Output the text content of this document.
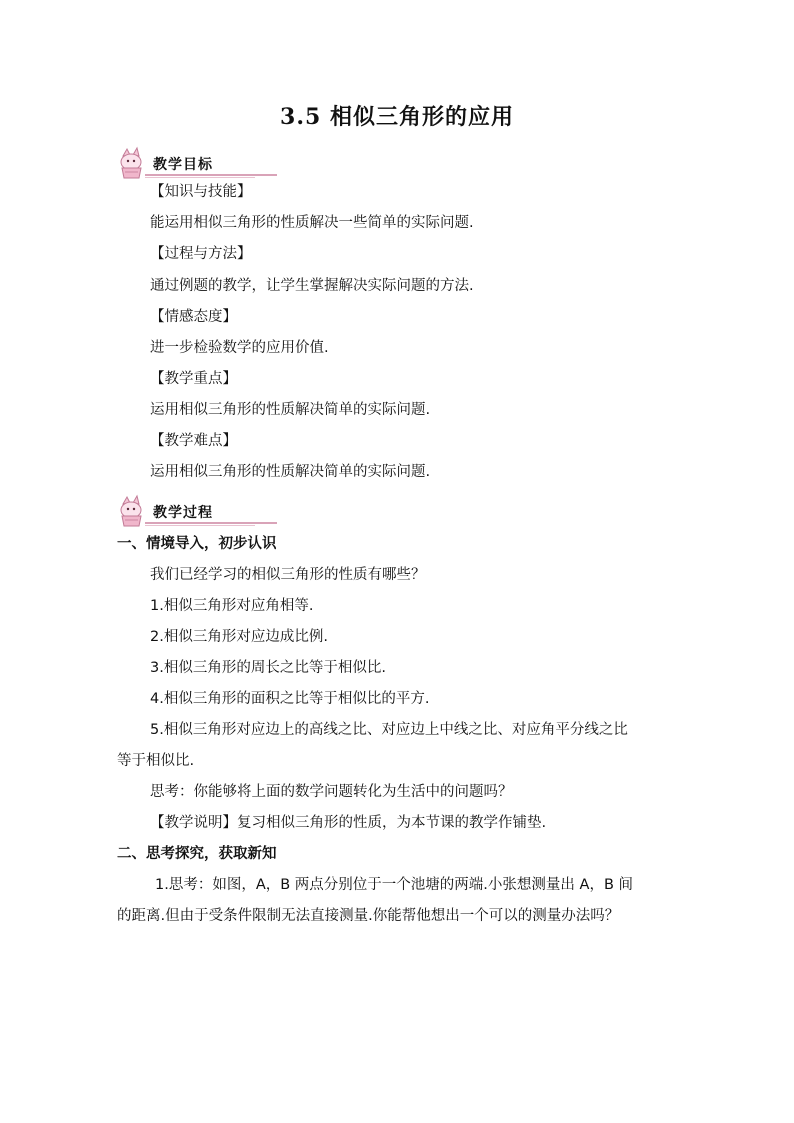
3.5 相似三角形的应用
教学目标
【知识与技能】
能运用相似三角形的性质解决一些简单的实际问题.
【过程与方法】
通过例题的教学，让学生掌握解决实际问题的方法.
【情感态度】
进一步检验数学的应用价值.
【教学重点】
运用相似三角形的性质解决简单的实际问题.
【教学难点】
运用相似三角形的性质解决简单的实际问题.
教学过程
一、情境导入，初步认识
我们已经学习的相似三角形的性质有哪些？
1.相似三角形对应角相等.
2.相似三角形对应边成比例.
3.相似三角形的周长之比等于相似比.
4.相似三角形的面积之比等于相似比的平方.
5.相似三角形对应边上的高线之比、对应边上中线之比、对应角平分线之比
等于相似比.
思考：你能够将上面的数学问题转化为生活中的问题吗？
【教学说明】复习相似三角形的性质，为本节课的教学作铺垫.
二、思考探究，获取新知
1.思考：如图，A，B 两点分别位于一个池塘的两端.小张想测量出 A，B 间
的距离.但由于受条件限制无法直接测量.你能帮他想出一个可以的测量办法吗？
